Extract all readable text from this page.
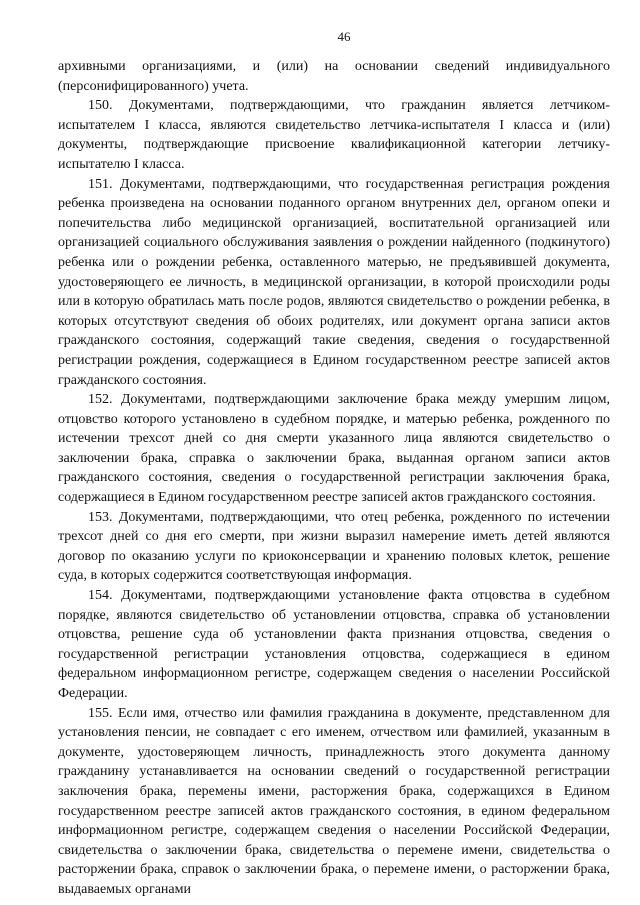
46

архивными организациями, и (или) на основании сведений индивидуального (персонифицированного) учета.

150. Документами, подтверждающими, что гражданин является летчиком-испытателем I класса, являются свидетельство летчика-испытателя I класса и (или) документы, подтверждающие присвоение квалификационной категории летчику-испытателю I класса.

151. Документами, подтверждающими, что государственная регистрация рождения ребенка произведена на основании поданного органом внутренних дел, органом опеки и попечительства либо медицинской организацией, воспитательной организацией или организацией социального обслуживания заявления о рождении найденного (подкинутого) ребенка или о рождении ребенка, оставленного матерью, не предъявившей документа, удостоверяющего ее личность, в медицинской организации, в которой происходили роды или в которую обратилась мать после родов, являются свидетельство о рождении ребенка, в которых отсутствуют сведения об обоих родителях, или документ органа записи актов гражданского состояния, содержащий такие сведения, сведения о государственной регистрации рождения, содержащиеся в Едином государственном реестре записей актов гражданского состояния.

152. Документами, подтверждающими заключение брака между умершим лицом, отцовство которого установлено в судебном порядке, и матерью ребенка, рожденного по истечении трехсот дней со дня смерти указанного лица являются свидетельство о заключении брака, справка о заключении брака, выданная органом записи актов гражданского состояния, сведения о государственной регистрации заключения брака, содержащиеся в Едином государственном реестре записей актов гражданского состояния.

153. Документами, подтверждающими, что отец ребенка, рожденного по истечении трехсот дней со дня его смерти, при жизни выразил намерение иметь детей являются договор по оказанию услуги по криоконсервации и хранению половых клеток, решение суда, в которых содержится соответствующая информация.

154. Документами, подтверждающими установление факта отцовства в судебном порядке, являются свидетельство об установлении отцовства, справка об установлении отцовства, решение суда об установлении факта признания отцовства, сведения о государственной регистрации установления отцовства, содержащиеся в едином федеральном информационном регистре, содержащем сведения о населении Российской Федерации.

155. Если имя, отчество или фамилия гражданина в документе, представленном для установления пенсии, не совпадает с его именем, отчеством или фамилией, указанным в документе, удостоверяющем личность, принадлежность этого документа данному гражданину устанавливается на основании сведений о государственной регистрации заключения брака, перемены имени, расторжения брака, содержащихся в Едином государственном реестре записей актов гражданского состояния, в едином федеральном информационном регистре, содержащем сведения о населении Российской Федерации, свидетельства о заключении брака, свидетельства о перемене имени, свидетельства о расторжении брака, справок о заключении брака, о перемене имени, о расторжении брака, выдаваемых органами
